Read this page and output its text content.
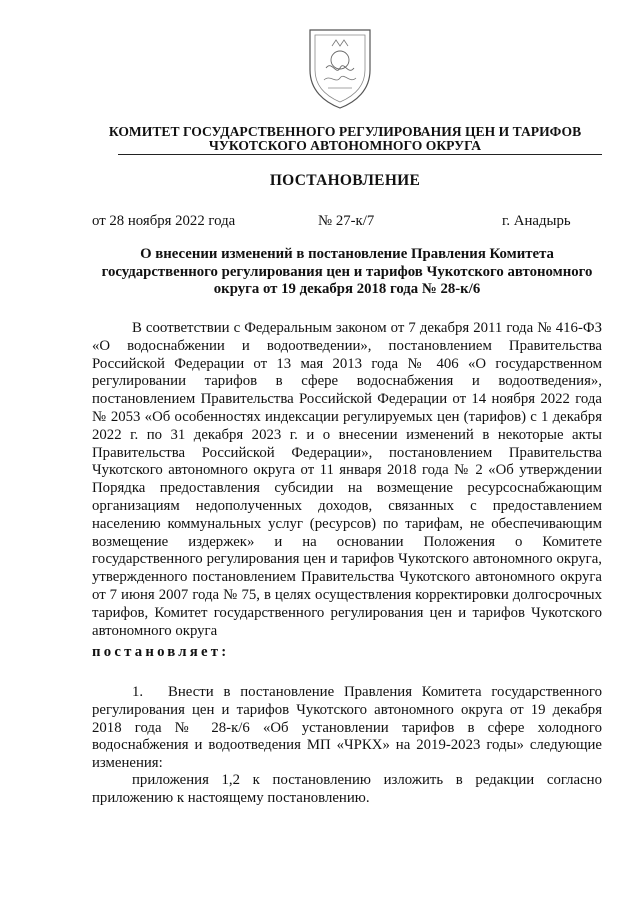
КОМИТЕТ ГОСУДАРСТВЕННОГО РЕГУЛИРОВАНИЯ ЦЕН И ТАРИФОВ
ЧУКОТСКОГО АВТОНОМНОГО ОКРУГА
ПОСТАНОВЛЕНИЕ
от 28 ноября 2022 года	№ 27-к/7	г. Анадырь
О внесении изменений в постановление Правления Комитета государственного регулирования цен и тарифов Чукотского автономного округа от 19 декабря 2018 года № 28-к/6
В соответствии с Федеральным законом от 7 декабря 2011 года № 416-ФЗ «О водоснабжении и водоотведении», постановлением Правительства Российской Федерации от 13 мая 2013 года № 406 «О государственном регулировании тарифов в сфере водоснабжения и водоотведения», постановлением Правительства Российской Федерации от 14 ноября 2022 года № 2053 «Об особенностях индексации регулируемых цен (тарифов) с 1 декабря 2022 г. по 31 декабря 2023 г. и о внесении изменений в некоторые акты Правительства Российской Федерации», постановлением Правительства Чукотского автономного округа от 11 января 2018 года № 2 «Об утверждении Порядка предоставления субсидии на возмещение ресурсоснабжающим организациям недополученных доходов, связанных с предоставлением населению коммунальных услуг (ресурсов) по тарифам, не обеспечивающим возмещение издержек» и на основании Положения о Комитете государственного регулирования цен и тарифов Чукотского автономного округа, утвержденного постановлением Правительства Чукотского автономного округа от 7 июня 2007 года № 75, в целях осуществления корректировки долгосрочных тарифов, Комитет государственного регулирования цен и тарифов Чукотского автономного округа
постановляет:
1. Внести в постановление Правления Комитета государственного регулирования цен и тарифов Чукотского автономного округа от 19 декабря 2018 года № 28-к/6 «Об установлении тарифов в сфере холодного водоснабжения и водоотведения МП «ЧРКХ» на 2019-2023 годы» следующие изменения:
приложения 1,2 к постановлению изложить в редакции согласно приложению к настоящему постановлению.
